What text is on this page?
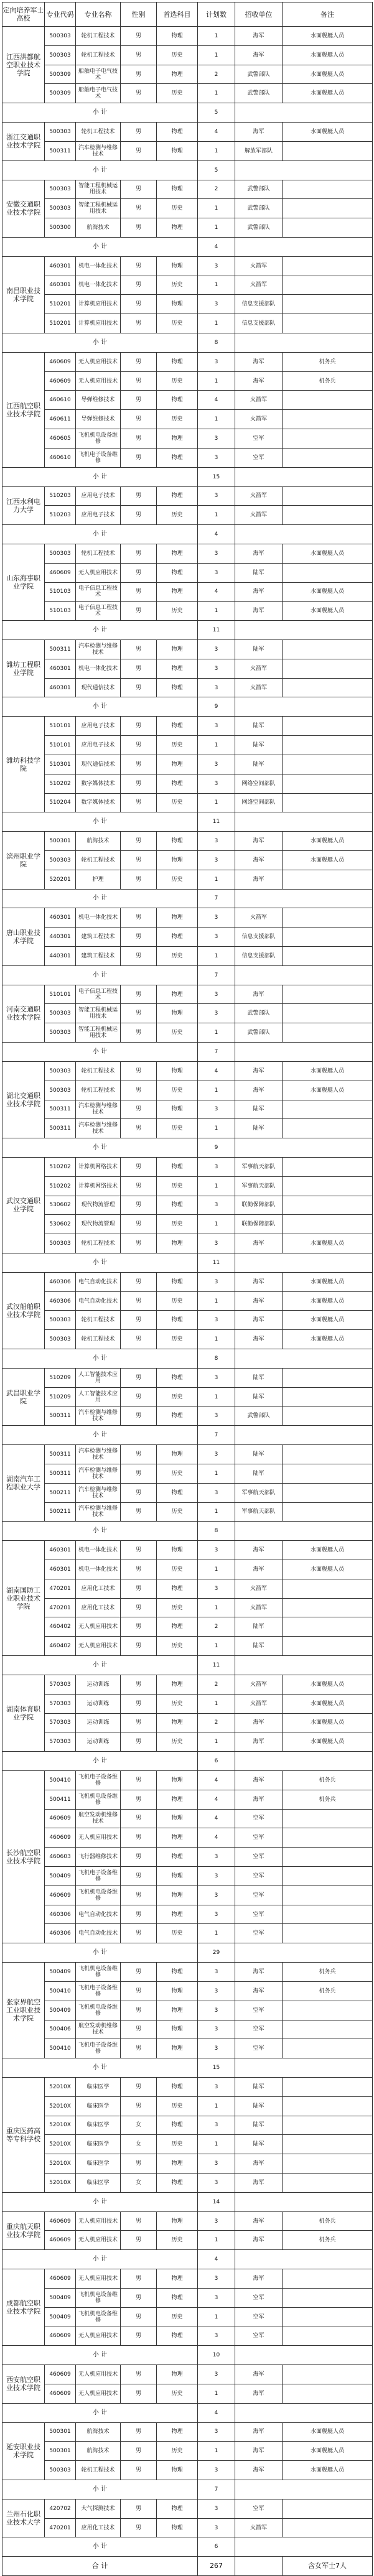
定向培养军士高校	专业代码	专业名称	性别	首选科目	计划数	招收单位	备注
江西洪都航空职业技术学院	500303	轮机工程技术	男	物理	1	海军	水面舰艇人员
	500303	轮机工程技术	男	历史	1	海军	水面舰艇人员
	500309	船舶电子电气技术	男	物理	2	武警部队	水面舰艇人员
	500309	船舶电子电气技术	男	历史	1	武警部队	水面舰艇人员
小 计					5		
浙江交通职业技术学院	500303	轮机工程技术	男	物理	4	海军	水面舰艇人员
	500311	汽车检测与维修技术	男	物理	1	解放军部队	
小 计					5		
安徽交通职业技术学院	500303	智能工程机械运用技术	男	物理	2	武警部队	
	500303	智能工程机械运用技术	男	历史	1	武警部队	
	500300	航海技术	男	物理	1	武警部队	
小 计					4		
南昌职业技术学院	460301	机电一体化技术	男	物理	3	火箭军	
	460301	机电一体化技术	男	历史	1	火箭军	
	510201	计算机应用技术	男	物理	3	信息支援部队	
	510201	计算机应用技术	男	历史	1	信息支援部队	
小 计					8		
江西航空职业技术学院	460609	无人机应用技术	男	物理	3	海军	机务兵
	460609	无人机应用技术	男	历史	1	海军	机务兵
	460610	导弹维修技术	男	物理	4	火箭军	
	460611	导弹维修技术	男	历史	1	火箭军	
	460605	飞机机电设备维修	男	物理	3	空军	
	460610	飞机电子设备维修	男	物理	3	空军	
小 计					15		
江西水利电力大学	510203	应用电子技术	男	物理	3	火箭军	
	510203	应用电子技术	男	历史	1	火箭军	
小 计					4		
山东海事职业学院	500303	轮机工程技术	男	物理	3	海军	水面舰艇人员
	460609	无人机应用技术	男	物理	3	陆军	
	510103	电子信息工程技术	男	物理	4	海军	水面舰艇人员
	510103	电子信息工程技术	男	历史	1	海军	水面舰艇人员
小 计					11		
潍坊工程职业学院	500311	汽车检测与维修技术	男	物理	3	陆军	
	460301	机电一体化技术	男	物理	3	火箭军	
	460301	现代通信技术	男	物理	3	火箭军	
小 计					9		
潍坊科技学院	510101	应用电子技术	男	物理	3	陆军	
	510101	应用电子技术	男	历史	1	陆军	
	510301	现代通信技术	男	物理	3	陆军	
	510202	数字媒体技术	男	物理	3	网络空间部队	
	510204	数字媒体技术	男	历史	1	网络空间部队	
小 计					11		
滨州职业学院	500301	航海技术	男	物理	3	海军	水面舰艇人员
	500303	轮机工程技术	男	物理	3	海军	水面舰艇人员
	520201	护理	男	历史	1	海军	
小 计					7		
唐山职业技术学院	460301	机电一体化技术	男	物理	3	火箭军	
	440301	建筑工程技术	男	物理	3	信息支援部队	
	440301	建筑工程技术	男	历史	1	信息支援部队	
小 计					7		
河南交通职业技术学院	510101	电子信息工程技术	男	物理	3	海军	
	500303	智能工程机械运用技术	男	物理	3	武警部队	
	500303	智能工程机械运用技术	男	历史	1	武警部队	
小 计					7		
湖北交通职业技术学院	500303	轮机工程技术	男	物理	4	海军	水面舰艇人员
	500303	轮机工程技术	男	历史	1	海军	水面舰艇人员
	500311	汽车检测与维修技术	男	物理	3	陆军	
	500311	汽车检测与维修技术	男	历史	1	陆军	
小 计					9		
武汉交通职业学院	510202	计算机网络技术	男	物理	3	军事航天部队	
	510202	计算机网络技术	男	历史	1	军事航天部队	
	530602	现代物流管理	男	物理	3	联勤保障部队	
	530602	现代物流管理	男	历史	1	联勤保障部队	
	500303	轮机工程技术	男	物理	3	海军	水面舰艇人员
小 计					11		
武汉船舶职业技术学院	460306	电气自动化技术	男	物理	3	海军	水面舰艇人员
	460306	电气自动化技术	男	历史	1	海军	水面舰艇人员
	500303	轮机工程技术	男	物理	3	海军	水面舰艇人员
	500303	轮机工程技术	男	历史	1	海军	水面舰艇人员
小 计					8		
武昌职业学院	510209	人工智能技术应用	男	物理	3	陆军	
	510209	人工智能技术应用	男	历史	1	陆军	
	500311	汽车检测与维修技术	男	物理	3	武警部队	
小 计					7		
湖南汽车工程职业大学	500311	汽车检测与维修技术	男	物理	3	陆军	
	500311	汽车检测与维修技术	男	历史	1	陆军	
	500211	汽车检测与维修技术	男	物理	3	军事航天部队	
	500211	汽车检测与维修技术	男	历史	1	军事航天部队	
小 计					8		
湖南国防工业职业技术学院	460301	机电一体化技术	男	物理	3	海军	水面舰艇人员
	460301	机电一体化技术	男	历史	1	海军	水面舰艇人员
	470201	应用化工技术	男	物理	3	火箭军	
	470201	应用化工技术	男	历史	1	火箭军	
	460402	无人机应用技术	男	物理	2	陆军	
	460402	无人机应用技术	男	历史	1	陆军	
小 计					11		
湖南体育职业学院	570303	运动训练	男	物理	2	火箭军	水面舰艇人员
	570303	运动训练	男	历史	1	火箭军	水面舰艇人员
	570303	运动训练	男	物理	2	海军	水面舰艇人员
	570303	运动训练	男	历史	1	海军	水面舰艇人员
小 计					6		
长沙航空职业技术学院	500410	飞机电子设备维修	男	物理	4	海军	机务兵
	500411	飞机机电设备维修	男	物理	4	海军	机务兵
	460609	航空发动机维修技术	男	物理	4	空军	
	460609	无人机应用技术	男	物理	4	空军	
	460603	飞行器维修技术	男	物理	3	空军	
	500409	飞机电子设备维修	男	物理	3	空军	
	460609	飞机机电设备维修	男	物理	3	空军	
	460306	电气自动化技术	男	物理	3	空军	
	460306	电气自动化技术	男	历史	1	空军	
小 计					29		
张家界航空工业职业技术学院	500409	飞机机电设备维修	男	物理	3	海军	机务兵
	500410	飞机电子设备维修	男	物理	3	海军	机务兵
	500409	飞机机电设备维修	男	物理	3	空军	
	500406	航空发动机维修技术	男	物理	3	空军	
	500410	飞机电子设备维修	男	物理	3	空军	
小 计					15		
重庆医药高等专科学校	52010X	临床医学	男	物理	3	陆军	
	52010X	临床医学	男	历史	1	陆军	
	52010X	临床医学	女	物理	3	陆军	
	52010X	临床医学	女	历史	1	陆军	
	52010X	临床医学	男	物理	3	海军	
	52010X	临床医学	女	物理	3	海军	
小 计					14		
重庆航天职业技术学院	460609	无人机应用技术	男	物理	3	海军	机务兵
	460609	无人机应用技术	男	历史	1	海军	机务兵
小 计					4		
成都航空职业技术学院	460609	无人机应用技术	男	物理	3	海军	
	500409	飞机机电设备维修	男	物理	3	空军	
	500409	飞机机电设备维修	男	历史	1	空军	
	460609	无人机应用技术	男	物理	3	空军	
小 计					10		
西安航空职业技术学院	460609	无人机应用技术	男	物理	3	海军	
	460609	无人机应用技术	男	历史	1	海军	
小 计					4		
延安职业技术学院	500301	航海技术	男	物理	3	海军	水面舰艇人员
	500301	航海技术	男	历史	1	海军	水面舰艇人员
	500303	轮机工程技术	男	物理	3	海军	水面舰艇人员
小 计					7		
兰州石化职业技术大学	420702	大气探测技术	男	物理	3	空军	
	470201	应用化工技术	男	物理	3	火箭军	
小 计					6		
合 计					267		含女军士7人
